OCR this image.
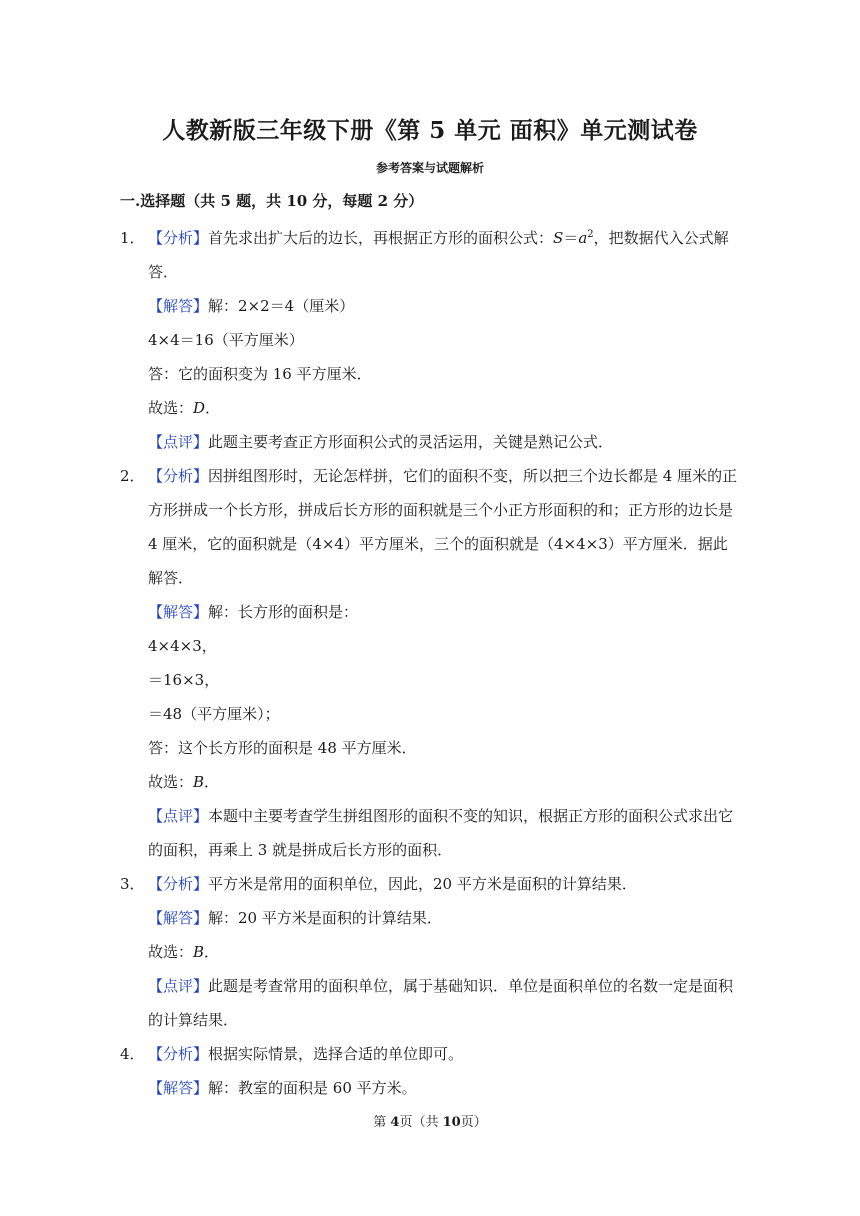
人教新版三年级下册《第 5 单元 面积》单元测试卷
参考答案与试题解析
一.选择题（共 5 题，共 10 分，每题 2 分）
1． 【分析】首先求出扩大后的边长，再根据正方形的面积公式：$S=a^2$，把数据代入公式解答．
【解答】解：2×2＝4（厘米）
4×4＝16（平方厘米）
答：它的面积变为 16 平方厘米．
故选：D．
【点评】此题主要考查正方形面积公式的灵活运用，关键是熟记公式．
2． 【分析】因拼组图形时，无论怎样拼，它们的面积不变，所以把三个边长都是 4 厘米的正方形拼成一个长方形，拼成后长方形的面积就是三个小正方形面积的和；正方形的边长是 4 厘米，它的面积就是（4×4）平方厘米，三个的面积就是（4×4×3）平方厘米．据此解答．
【解答】解：长方形的面积是：
4×4×3，
＝16×3，
＝48（平方厘米）；
答：这个长方形的面积是 48 平方厘米．
故选：B．
【点评】本题中主要考查学生拼组图形的面积不变的知识，根据正方形的面积公式求出它的面积，再乘上 3 就是拼成后长方形的面积．
3． 【分析】平方米是常用的面积单位，因此，20 平方米是面积的计算结果．
【解答】解：20 平方米是面积的计算结果．
故选：B．
【点评】此题是考查常用的面积单位，属于基础知识．单位是面积单位的名数一定是面积的计算结果．
4． 【分析】根据实际情景，选择合适的单位即可。
【解答】解：教室的面积是 60 平方米。
第 4页（共 10页）
